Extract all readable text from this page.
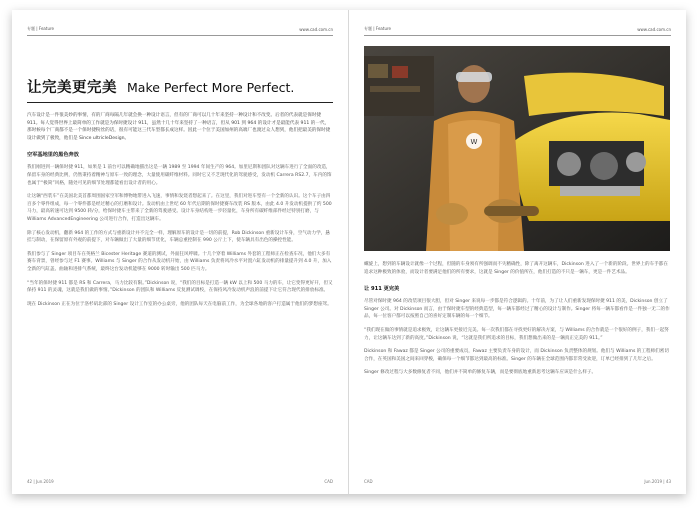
专题 | Feature	www.cad.com.cn
让完美更完美 Make Perfect More Perfect.

汽车设计是一件很美妙的事情，有的厂商每隔几年就会换一种设计语言，但有的厂商可以几十年来坚持一种设计和不改变。后者的代表就是保时捷 911。每人觉得世界上最简单的工作就是为保时捷设计 911，虽然十几十年来坚持了一种语言，但从 901 到 964 的设计才是最能代表 911 的一代，那时候每个厂商都不是一个保时捷粉丝的话，很有可能这三代车型都长成这样。因此一个位于美国加州的高端厂也渡过众人想到，他们把最美的保时捷设计做到了极致，他们是 Since ultricleDesign。

空军基地里的黑色奔放

我们刚进到一辆保时捷 911，如果是 1 前台可以精确地描出这是一辆 1989 至 1994 年间生产的 964。加里尼斯和团队对这辆车进行了全面的改造，保留车身的经典比例，仍然秉持着精神与原车一致的理念，大量使用碳纤维材料。同时它又不乏现代化的驾驶感受，发动机 Carrera RS2.7，车内的饰也属于“极简”风格，随处可见的细节处理都能看出设计者的用心。

让这辆“西装车”在美国北美首都周围国家空军和博物地带进入飞速，事情和发烧者想起来了。在这里，我们对进车型有一个全新的认识。这个车子由四百多个零件组成，每一个零件都是经过精心的打磨和设计。发动机由上世纪 60 年代后期的保时捷赛车改装 RS 版本，由此 4.0 升发动机提供了约 500 马力，最高转速可达到 9500 转/分，给保时捷车主带来了全新的驾驶感受。设计车身结构进一步轻量化，车身所有碳纤维部件经过特别打磨，与 Williams AdvancedEngineering 公司进行合作，打造出这辆车。

除了核心发动机，翻新 964 的工作的方式与重新设计并不完全一样，理解原车的设计是一切的前提，Rob Dickinson 重新设计车身，空气动力学，悬挂与制动，在保留原有外观的前提下，对车辆做出了大量的细节优化，车辆总重控制在 990 公斤上下，使车辆具有出色的操控性能。

我们参与了 Singer 项目车在英格兰 Bicester Heritage 赛道的测试，外面狂风呼啸。十几个穿着 Williams 外套的工程师正在检查车况，他们大多有赛车背景，曾经参与过 F1 赛事。Williams 与 Singer 的合作从发动机开始，由 Williams 负责将风冷水平对置六缸发动机的排量提升到 4.0 升，加入全新的气缸盖、曲轴和进排气系统，最终这台发动机能够在 9000 转时输出 500 匹马力。

“当年的保时捷 911 都是 RS 和 Carrera，马力比较有限。”Dickinson 说，“我们的目标是打造一辆 kW 以上和 500 马力的车，让它变得更好开，但又保持 911 的灵魂，这就是我们做的事情。”Dickinson 的团队和 Williams 反复测试调校，在保持风冷发动机声浪的前提下让它符合现代的排放标准。

现在 Dickinson 正在为位于洛杉矶北部的 Singer 设计工作室的办公桌旁，他的团队每天在电脑前工作，为全球各地的客户打造属于他们的梦想座驾。

42 | Jun.2019	CAD
专题 | Feature	www.cad.com.cn
W

螺旋上，想到的车辆设计就像一个过程，但随的车身须有所强调而不失精确性，除了离开这辆车，Dickinson 进入了一个新的阶段。世界上的车手都在追求这种极致的体验，而设计者要满足他们的所有要求，这就是 Singer 的价值所在，他们打造的不只是一辆车，更是一件艺术品。

让 911 更完美

尽管对保时捷 964 的改装项目很大胆，但对 Singer 来说每一步都是符合逻辑的。十年前，为了让人们重新发现保时捷 911 的美，Dickinson 创立了 Singer 公司。对 Dickinson 而言，由于保时捷车型的经典造型，每一辆车都经过了精心的设计与制作。Singer 将每一辆车都看作是一件独一无二的作品，每一位客户都可以按照自己的喜好定制车辆的每一个细节。

“我们现在做的事情就是追求极致，让这辆车更接近完美。每一次我们都在寻找更好的解决方案，与 Williams 的合作就是一个很好的例子，我们一起努力，让这辆车达到了新的高度。”Dickinson 说，“这就是我们所追求的目标，我们想做出来的是一辆真正完美的 911。”

Dickinson 和 Fawaz 都是 Singer 公司的重要成员，Fawaz 主要负责车身的设计，而 Dickinson 负责整体的规划。他们与 Williams 的工程师们密切合作，在英国和美国之间来回穿梭，确保每一个细节都达到最高的标准。Singer 的车辆在全球范围内都非常受欢迎，订单已经排到了几年之后。

Singer 修改过程与大多数修复者不同，他们并不简单的修复车辆，而是要彻底地重新思考这辆车应该是什么样子。

CAD	Jun.2019 | 43
